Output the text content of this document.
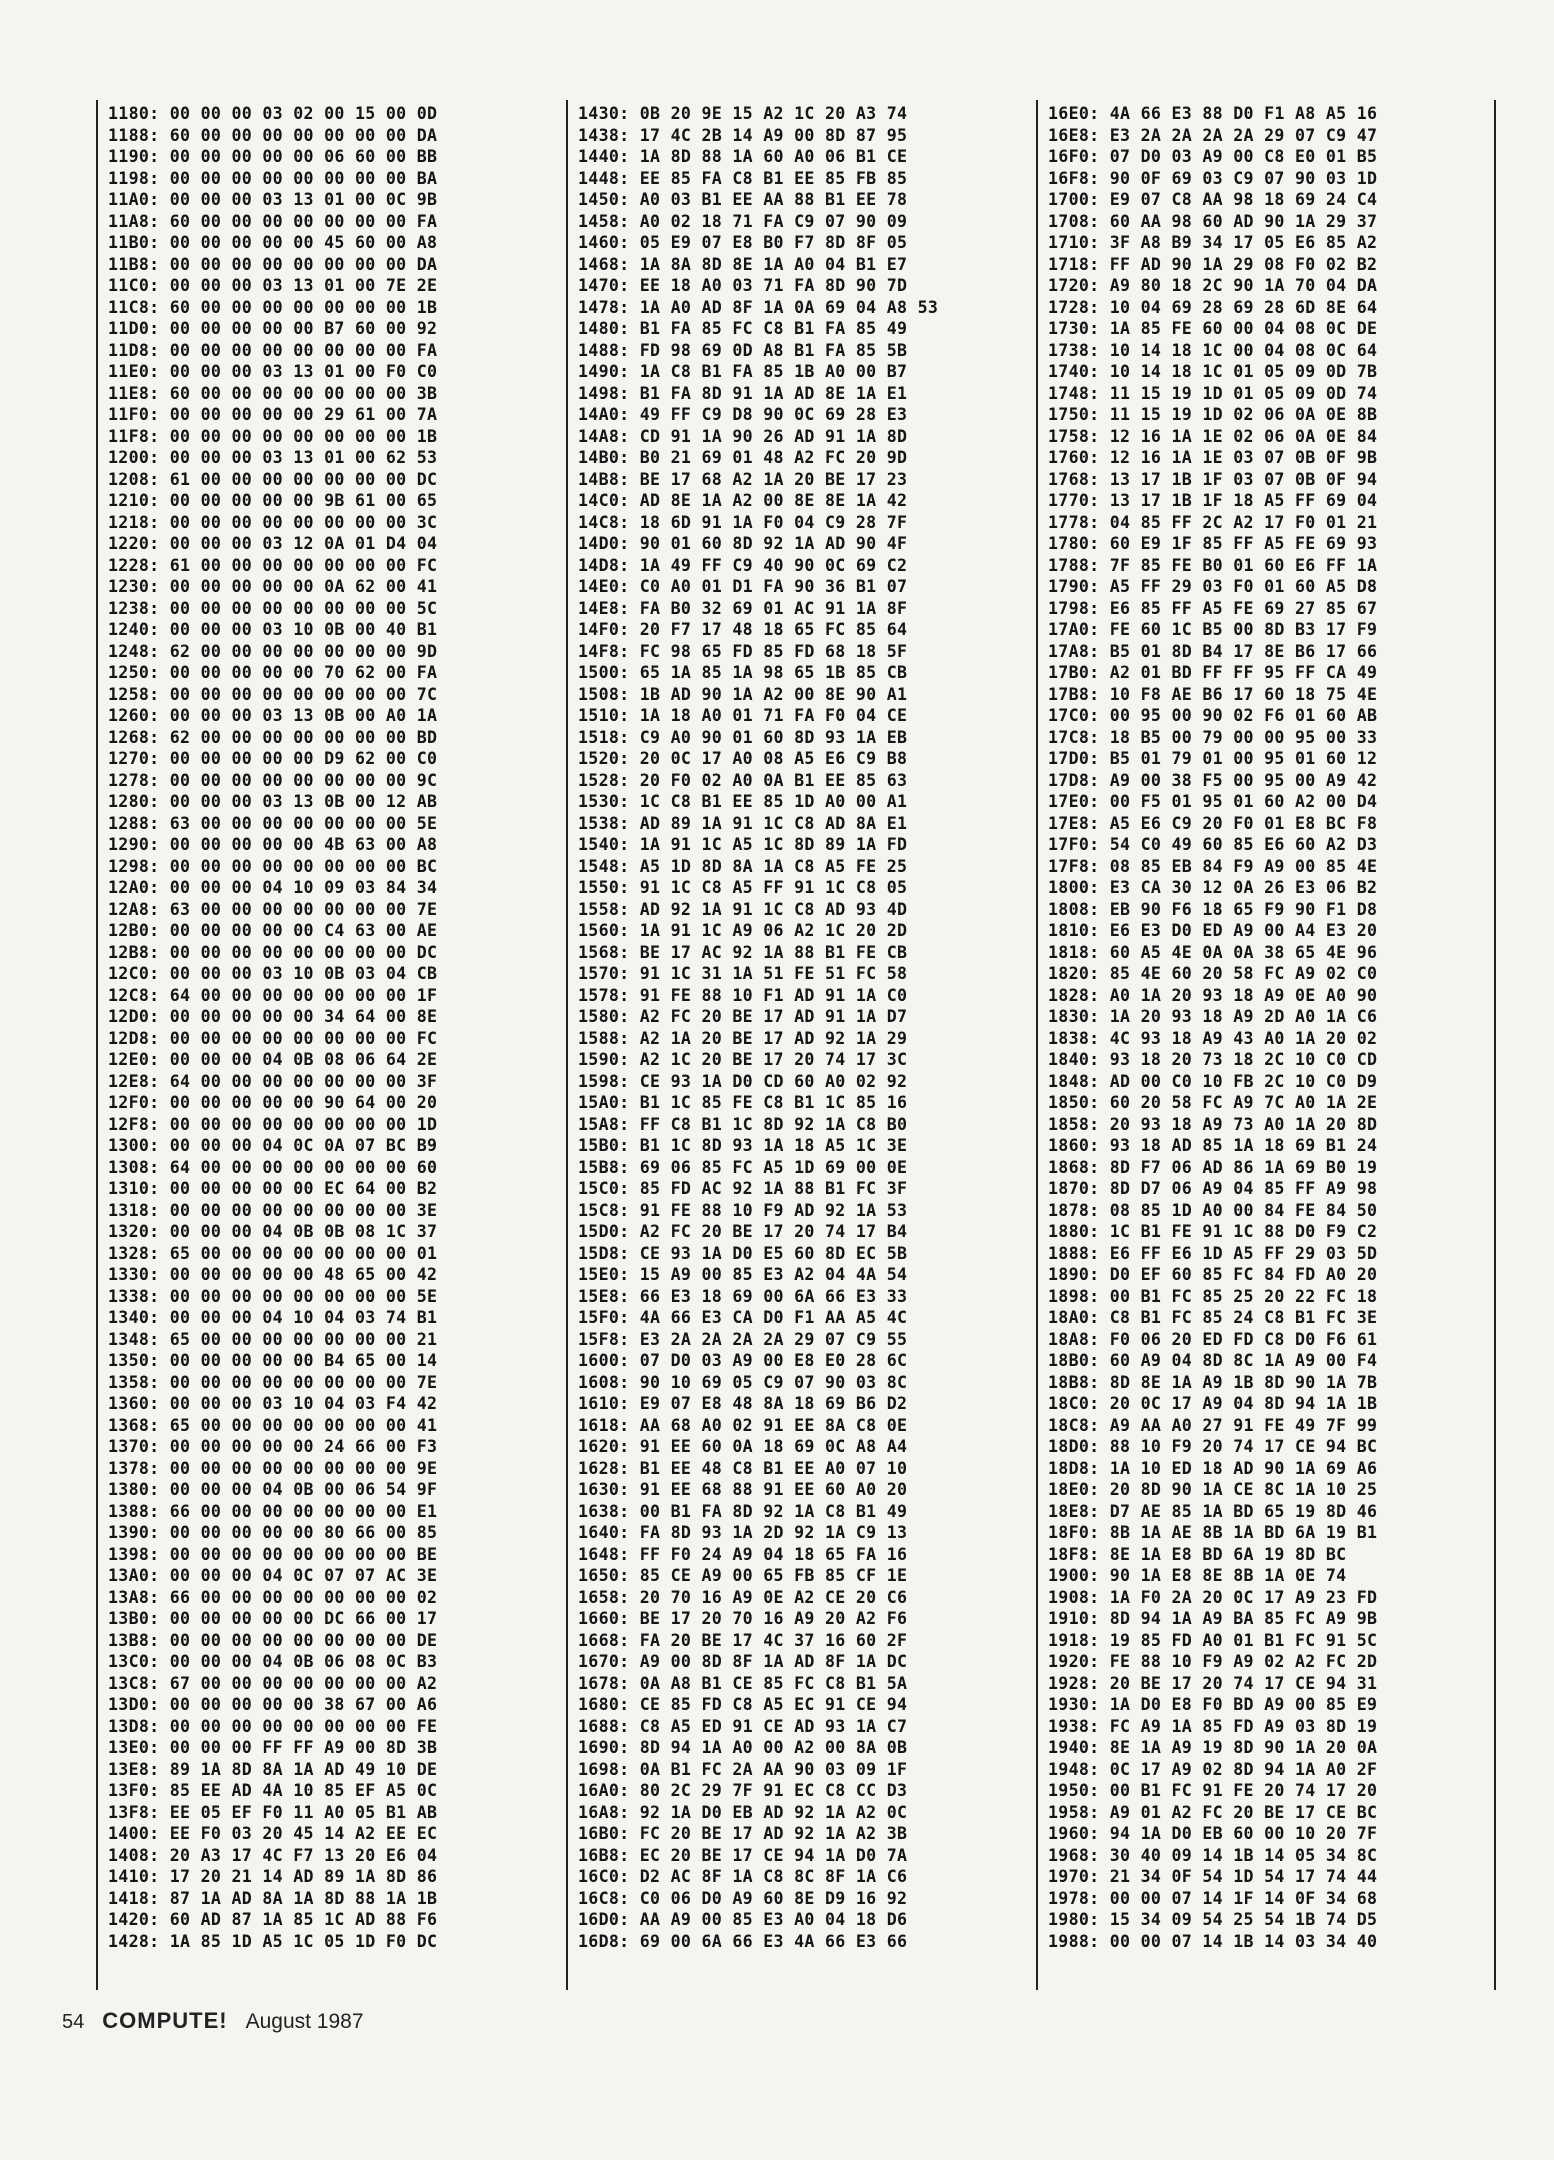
1180: 00 00 00 03 02 00 15 00 0D
1188: 60 00 00 00 00 00 00 00 DA
1190: 00 00 00 00 00 06 60 00 BB
1198: 00 00 00 00 00 00 00 00 BA
11A0: 00 00 00 03 13 01 00 0C 9B
11A8: 60 00 00 00 00 00 00 00 FA
11B0: 00 00 00 00 00 45 60 00 A8
11B8: 00 00 00 00 00 00 00 00 DA
11C0: 00 00 00 03 13 01 00 7E 2E
11C8: 60 00 00 00 00 00 00 00 1B
11D0: 00 00 00 00 00 B7 60 00 92
11D8: 00 00 00 00 00 00 00 00 FA
11E0: 00 00 00 03 13 01 00 F0 C0
11E8: 60 00 00 00 00 00 00 00 3B
11F0: 00 00 00 00 00 29 61 00 7A
11F8: 00 00 00 00 00 00 00 00 1B
1200: 00 00 00 03 13 01 00 62 53
1208: 61 00 00 00 00 00 00 00 DC
1210: 00 00 00 00 00 9B 61 00 65
1218: 00 00 00 00 00 00 00 00 3C
1220: 00 00 00 03 12 0A 01 D4 04
1228: 61 00 00 00 00 00 00 00 FC
1230: 00 00 00 00 00 0A 62 00 41
1238: 00 00 00 00 00 00 00 00 5C
1240: 00 00 00 03 10 0B 00 40 B1
1248: 62 00 00 00 00 00 00 00 9D
1250: 00 00 00 00 00 70 62 00 FA
1258: 00 00 00 00 00 00 00 00 7C
1260: 00 00 00 03 13 0B 00 A0 1A
1268: 62 00 00 00 00 00 00 00 BD
1270: 00 00 00 00 00 D9 62 00 C0
1278: 00 00 00 00 00 00 00 00 9C
1280: 00 00 00 03 13 0B 00 12 AB
1288: 63 00 00 00 00 00 00 00 5E
1290: 00 00 00 00 00 4B 63 00 A8
1298: 00 00 00 00 00 00 00 00 BC
12A0: 00 00 00 04 10 09 03 84 34
12A8: 63 00 00 00 00 00 00 00 7E
12B0: 00 00 00 00 00 C4 63 00 AE
12B8: 00 00 00 00 00 00 00 00 DC
12C0: 00 00 00 03 10 0B 03 04 CB
12C8: 64 00 00 00 00 00 00 00 1F
12D0: 00 00 00 00 00 34 64 00 8E
12D8: 00 00 00 00 00 00 00 00 FC
12E0: 00 00 00 04 0B 08 06 64 2E
12E8: 64 00 00 00 00 00 00 00 3F
12F0: 00 00 00 00 00 90 64 00 20
12F8: 00 00 00 00 00 00 00 00 1D
1300: 00 00 00 04 0C 0A 07 BC B9
1308: 64 00 00 00 00 00 00 00 60
1310: 00 00 00 00 00 EC 64 00 B2
1318: 00 00 00 00 00 00 00 00 3E
1320: 00 00 00 04 0B 0B 08 1C 37
1328: 65 00 00 00 00 00 00 00 01
1330: 00 00 00 00 00 48 65 00 42
1338: 00 00 00 00 00 00 00 00 5E
1340: 00 00 00 04 10 04 03 74 B1
1348: 65 00 00 00 00 00 00 00 21
1350: 00 00 00 00 00 B4 65 00 14
1358: 00 00 00 00 00 00 00 00 7E
1360: 00 00 00 03 10 04 03 F4 42
1368: 65 00 00 00 00 00 00 00 41
1370: 00 00 00 00 00 24 66 00 F3
1378: 00 00 00 00 00 00 00 00 9E
1380: 00 00 00 04 0B 00 06 54 9F
1388: 66 00 00 00 00 00 00 00 E1
1390: 00 00 00 00 00 80 66 00 85
1398: 00 00 00 00 00 00 00 00 BE
13A0: 00 00 00 04 0C 07 07 AC 3E
13A8: 66 00 00 00 00 00 00 00 02
13B0: 00 00 00 00 00 DC 66 00 17
13B8: 00 00 00 00 00 00 00 00 DE
13C0: 00 00 00 04 0B 06 08 0C B3
13C8: 67 00 00 00 00 00 00 00 A2
13D0: 00 00 00 00 00 38 67 00 A6
13D8: 00 00 00 00 00 00 00 00 FE
13E0: 00 00 00 FF FF A9 00 8D 3B
13E8: 89 1A 8D 8A 1A AD 49 10 DE
13F0: 85 EE AD 4A 10 85 EF A5 0C
13F8: EE 05 EF F0 11 A0 05 B1 AB
1400: EE F0 03 20 45 14 A2 EE EC
1408: 20 A3 17 4C F7 13 20 E6 04
1410: 17 20 21 14 AD 89 1A 8D 86
1418: 87 1A AD 8A 1A 8D 88 1A 1B
1420: 60 AD 87 1A 85 1C AD 88 F6
1428: 1A 85 1D A5 1C 05 1D F0 DC
1430: 0B 20 9E 15 A2 1C 20 A3 74
1438: 17 4C 2B 14 A9 00 8D 87 95
1440: 1A 8D 88 1A 60 A0 06 B1 CE
1448: EE 85 FA C8 B1 EE 85 FB 85
1450: A0 03 B1 EE AA 88 B1 EE 78
1458: A0 02 18 71 FA C9 07 90 09
1460: 05 E9 07 E8 B0 F7 8D 8F 05
1468: 1A 8A 8D 8E 1A A0 04 B1 E7
1470: EE 18 A0 03 71 FA 8D 90 7D
1478: 1A A0 AD 8F 1A 0A 69 04 A8 53
1480: B1 FA 85 FC C8 B1 FA 85 49
1488: FD 98 69 0D A8 B1 FA 85 5B
1490: 1A C8 B1 FA 85 1B A0 00 B7
1498: B1 FA 8D 91 1A AD 8E 1A E1
14A0: 49 FF C9 D8 90 0C 69 28 E3
14A8: CD 91 1A 90 26 AD 91 1A 8D
14B0: B0 21 69 01 48 A2 FC 20 9D
14B8: BE 17 68 A2 1A 20 BE 17 23
14C0: AD 8E 1A A2 00 8E 8E 1A 42
14C8: 18 6D 91 1A F0 04 C9 28 7F
14D0: 90 01 60 8D 92 1A AD 90 4F
14D8: 1A 49 FF C9 40 90 0C 69 C2
14E0: C0 A0 01 D1 FA 90 36 B1 07
14E8: FA B0 32 69 01 AC 91 1A 8F
14F0: 20 F7 17 48 18 65 FC 85 64
14F8: FC 98 65 FD 85 FD 68 18 5F
1500: 65 1A 85 1A 98 65 1B 85 CB
1508: 1B AD 90 1A A2 00 8E 90 A1
1510: 1A 18 A0 01 71 FA F0 04 CE
1518: C9 A0 90 01 60 8D 93 1A EB
1520: 20 0C 17 A0 08 A5 E6 C9 B8
1528: 20 F0 02 A0 0A B1 EE 85 63
1530: 1C C8 B1 EE 85 1D A0 00 A1
1538: AD 89 1A 91 1C C8 AD 8A E1
1540: 1A 91 1C A5 1C 8D 89 1A FD
1548: A5 1D 8D 8A 1A C8 A5 FE 25
1550: 91 1C C8 A5 FF 91 1C C8 05
1558: AD 92 1A 91 1C C8 AD 93 4D
1560: 1A 91 1C A9 06 A2 1C 20 2D
1568: BE 17 AC 92 1A 88 B1 FE CB
1570: 91 1C 31 1A 51 FE 51 FC 58
1578: 91 FE 88 10 F1 AD 91 1A C0
1580: A2 FC 20 BE 17 AD 91 1A D7
1588: A2 1A 20 BE 17 AD 92 1A 29
1590: A2 1C 20 BE 17 20 74 17 3C
1598: CE 93 1A D0 CD 60 A0 02 92
15A0: B1 1C 85 FE C8 B1 1C 85 16
15A8: FF C8 B1 1C 8D 92 1A C8 B0
15B0: B1 1C 8D 93 1A 18 A5 1C 3E
15B8: 69 06 85 FC A5 1D 69 00 0E
15C0: 85 FD AC 92 1A 88 B1 FC 3F
15C8: 91 FE 88 10 F9 AD 92 1A 53
15D0: A2 FC 20 BE 17 20 74 17 B4
15D8: CE 93 1A D0 E5 60 8D EC 5B
15E0: 15 A9 00 85 E3 A2 04 4A 54
15E8: 66 E3 18 69 00 6A 66 E3 33
15F0: 4A 66 E3 CA D0 F1 AA A5 4C
15F8: E3 2A 2A 2A 2A 29 07 C9 55
1600: 07 D0 03 A9 00 E8 E0 28 6C
1608: 90 10 69 05 C9 07 90 03 8C
1610: E9 07 E8 48 8A 18 69 B6 D2
1618: AA 68 A0 02 91 EE 8A C8 0E
1620: 91 EE 60 0A 18 69 0C A8 A4
1628: B1 EE 48 C8 B1 EE A0 07 10
1630: 91 EE 68 88 91 EE 60 A0 20
1638: 00 B1 FA 8D 92 1A C8 B1 49
1640: FA 8D 93 1A 2D 92 1A C9 13
1648: FF F0 24 A9 04 18 65 FA 16
1650: 85 CE A9 00 65 FB 85 CF 1E
1658: 20 70 16 A9 0E A2 CE 20 C6
1660: BE 17 20 70 16 A9 20 A2 F6
1668: FA 20 BE 17 4C 37 16 60 2F
1670: A9 00 8D 8F 1A AD 8F 1A DC
1678: 0A A8 B1 CE 85 FC C8 B1 5A
1680: CE 85 FD C8 A5 EC 91 CE 94
1688: C8 A5 ED 91 CE AD 93 1A C7
1690: 8D 94 1A A0 00 A2 00 8A 0B
1698: 0A B1 FC 2A AA 90 03 09 1F
16A0: 80 2C 29 7F 91 EC C8 CC D3
16A8: 92 1A D0 EB AD 92 1A A2 0C
16B0: FC 20 BE 17 AD 92 1A A2 3B
16B8: EC 20 BE 17 CE 94 1A D0 7A
16C0: D2 AC 8F 1A C8 8C 8F 1A C6
16C8: C0 06 D0 A9 60 8E D9 16 92
16D0: AA A9 00 85 E3 A0 04 18 D6
16D8: 69 00 6A 66 E3 4A 66 E3 66
16E0: 4A 66 E3 88 D0 F1 A8 A5 16
16E8: E3 2A 2A 2A 2A 29 07 C9 47
16F0: 07 D0 03 A9 00 C8 E0 01 B5
16F8: 90 0F 69 03 C9 07 90 03 1D
1700: E9 07 C8 AA 98 18 69 24 C4
1708: 60 AA 98 60 AD 90 1A 29 37
1710: 3F A8 B9 34 17 05 E6 85 A2
1718: FF AD 90 1A 29 08 F0 02 B2
1720: A9 80 18 2C 90 1A 70 04 DA
1728: 10 04 69 28 69 28 6D 8E 64
1730: 1A 85 FE 60 00 04 08 0C DE
1738: 10 14 18 1C 00 04 08 0C 64
1740: 10 14 18 1C 01 05 09 0D 7B
1748: 11 15 19 1D 01 05 09 0D 74
1750: 11 15 19 1D 02 06 0A 0E 8B
1758: 12 16 1A 1E 02 06 0A 0E 84
1760: 12 16 1A 1E 03 07 0B 0F 9B
1768: 13 17 1B 1F 03 07 0B 0F 94
1770: 13 17 1B 1F 18 A5 FF 69 04
1778: 04 85 FF 2C A2 17 F0 01 21
1780: 60 E9 1F 85 FF A5 FE 69 93
1788: 7F 85 FE B0 01 60 E6 FF 1A
1790: A5 FF 29 03 F0 01 60 A5 D8
1798: E6 85 FF A5 FE 69 27 85 67
17A0: FE 60 1C B5 00 8D B3 17 F9
17A8: B5 01 8D B4 17 8E B6 17 66
17B0: A2 01 BD FF FF 95 FF CA 49
17B8: 10 F8 AE B6 17 60 18 75 4E
17C0: 00 95 00 90 02 F6 01 60 AB
17C8: 18 B5 00 79 00 00 95 00 33
17D0: B5 01 79 01 00 95 01 60 12
17D8: A9 00 38 F5 00 95 00 A9 42
17E0: 00 F5 01 95 01 60 A2 00 D4
17E8: A5 E6 C9 20 F0 01 E8 BC F8
17F0: 54 C0 49 60 85 E6 60 A2 D3
17F8: 08 85 EB 84 F9 A9 00 85 4E
1800: E3 CA 30 12 0A 26 E3 06 B2
1808: EB 90 F6 18 65 F9 90 F1 D8
1810: E6 E3 D0 ED A9 00 A4 E3 20
1818: 60 A5 4E 0A 0A 38 65 4E 96
1820: 85 4E 60 20 58 FC A9 02 C0
1828: A0 1A 20 93 18 A9 0E A0 90
1830: 1A 20 93 18 A9 2D A0 1A C6
1838: 4C 93 18 A9 43 A0 1A 20 02
1840: 93 18 20 73 18 2C 10 C0 CD
1848: AD 00 C0 10 FB 2C 10 C0 D9
1850: 60 20 58 FC A9 7C A0 1A 2E
1858: 20 93 18 A9 73 A0 1A 20 8D
1860: 93 18 AD 85 1A 18 69 B1 24
1868: 8D F7 06 AD 86 1A 69 B0 19
1870: 8D D7 06 A9 04 85 FF A9 98
1878: 08 85 1D A0 00 84 FE 84 50
1880: 1C B1 FE 91 1C 88 D0 F9 C2
1888: E6 FF E6 1D A5 FF 29 03 5D
1890: D0 EF 60 85 FC 84 FD A0 20
1898: 00 B1 FC 85 25 20 22 FC 18
18A0: C8 B1 FC 85 24 C8 B1 FC 3E
18A8: F0 06 20 ED FD C8 D0 F6 61
18B0: 60 A9 04 8D 8C 1A A9 00 F4
18B8: 8D 8E 1A A9 1B 8D 90 1A 7B
18C0: 20 0C 17 A9 04 8D 94 1A 1B
18C8: A9 AA A0 27 91 FE 49 7F 99
18D0: 88 10 F9 20 74 17 CE 94 BC
18D8: 1A 10 ED 18 AD 90 1A 69 A6
18E0: 20 8D 90 1A CE 8C 1A 10 25
18E8: D7 AE 85 1A BD 65 19 8D 46
18F0: 8B 1A AE 8B 1A BD 6A 19 B1
18F8: 8E 1A E8 BD 6A 19 8D BC
1900: 90 1A E8 8E 8B 1A 0E 74
1908: 1A F0 2A 20 0C 17 A9 23 FD
1910: 8D 94 1A A9 BA 85 FC A9 9B
1918: 19 85 FD A0 01 B1 FC 91 5C
1920: FE 88 10 F9 A9 02 A2 FC 2D
1928: 20 BE 17 20 74 17 CE 94 31
1930: 1A D0 E8 F0 BD A9 00 85 E9
1938: FC A9 1A 85 FD A9 03 8D 19
1940: 8E 1A A9 19 8D 90 1A 20 0A
1948: 0C 17 A9 02 8D 94 1A A0 2F
1950: 00 B1 FC 91 FE 20 74 17 20
1958: A9 01 A2 FC 20 BE 17 CE BC
1960: 94 1A D0 EB 60 00 10 20 7F
1968: 30 40 09 14 1B 14 05 34 8C
1970: 21 34 0F 54 1D 54 17 74 44
1978: 00 00 07 14 1F 14 0F 34 68
1980: 15 34 09 54 25 54 1B 74 D5
1988: 00 00 07 14 1B 14 03 34 40
54 COMPUTE! August 1987
